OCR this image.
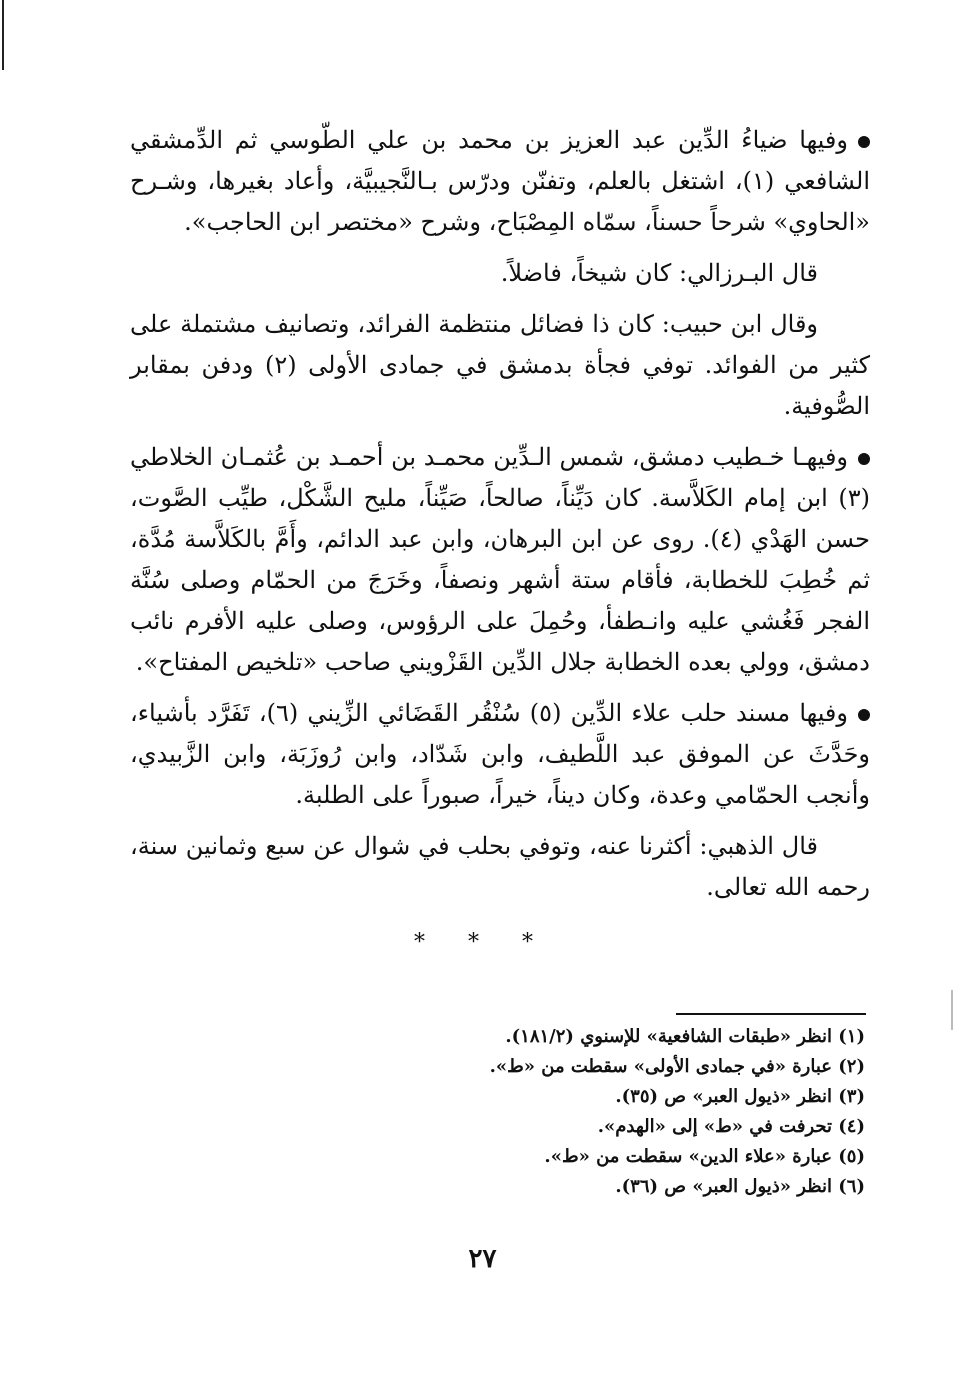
وفيها ضياءُ الدِّين عبد العزيز بن محمد بن علي الطّوسي ثم الدِّمشقي الشافعي (١)، اشتغل بالعلم، وتفنّن ودرّس بـالنَّجيبيَّة، وأعاد بغيرها، وشـرح «الحاوي» شرحاً حسناً، سمّاه المِصْبَاح، وشرح «مختصر ابن الحاجب».

قال البـرزالي: كان شيخاً، فاضلاً.

وقال ابن حبيب: كان ذا فضائل منتظمة الفرائد، وتصانيف مشتملة على كثير من الفوائد. توفي فجأة بدمشق في جمادى الأولى (٢) ودفن بمقابر الصُّوفية.

وفيهـا خـطيب دمشق، شمس الـدِّين محمـد بن أحمـد بن عُثمـان الخلاطي (٣) ابن إمام الكَلاَّسة. كان دَيِّناً، صالحاً، صَيِّناً، مليح الشَّكْل، طيِّب الصَّوت، حسن الهَدْي (٤). روى عن ابن البرهان، وابن عبد الدائم، وأَمَّ بالكَلاَّسة مُدَّة، ثم خُطِبَ للخطابة، فأقام ستة أشهر ونصفاً، وخَرَجَ من الحمّام وصلى سُنَّة الفجر فَغُشي عليه وانـطفأ، وحُمِلَ على الرؤوس، وصلى عليه الأفرم نائب دمشق، وولي بعده الخطابة جلال الدِّين القَزْويني صاحب «تلخيص المفتاح».

وفيها مسند حلب علاء الدِّين (٥) سُنْقُر القَضَائي الزِّيني (٦)، تَفَرَّد بأشياء، وحَدَّثَ عن الموفق عبد اللَّطيف، وابن شَدّاد، وابن رُوزَبَة، وابن الزَّبيدي، وأنجب الحمّامي وعدة، وكان ديناً، خيراً، صبوراً على الطلبة.

قال الذهبي: أكثرنا عنه، وتوفي بحلب في شوال عن سبع وثمانين سنة، رحمه الله تعالى.

* * *

(١) انظر «طبقات الشافعية» للإسنوي (١٨١/٢).

(٢) عبارة «في جمادى الأولى» سقطت من «ط».

(٣) انظر «ذيول العبر» ص (٣٥).

(٤) تحرفت في «ط» إلى «الهدم».

(٥) عبارة «علاء الدين» سقطت من «ط».

(٦) انظر «ذيول العبر» ص (٣٦).

٢٧
